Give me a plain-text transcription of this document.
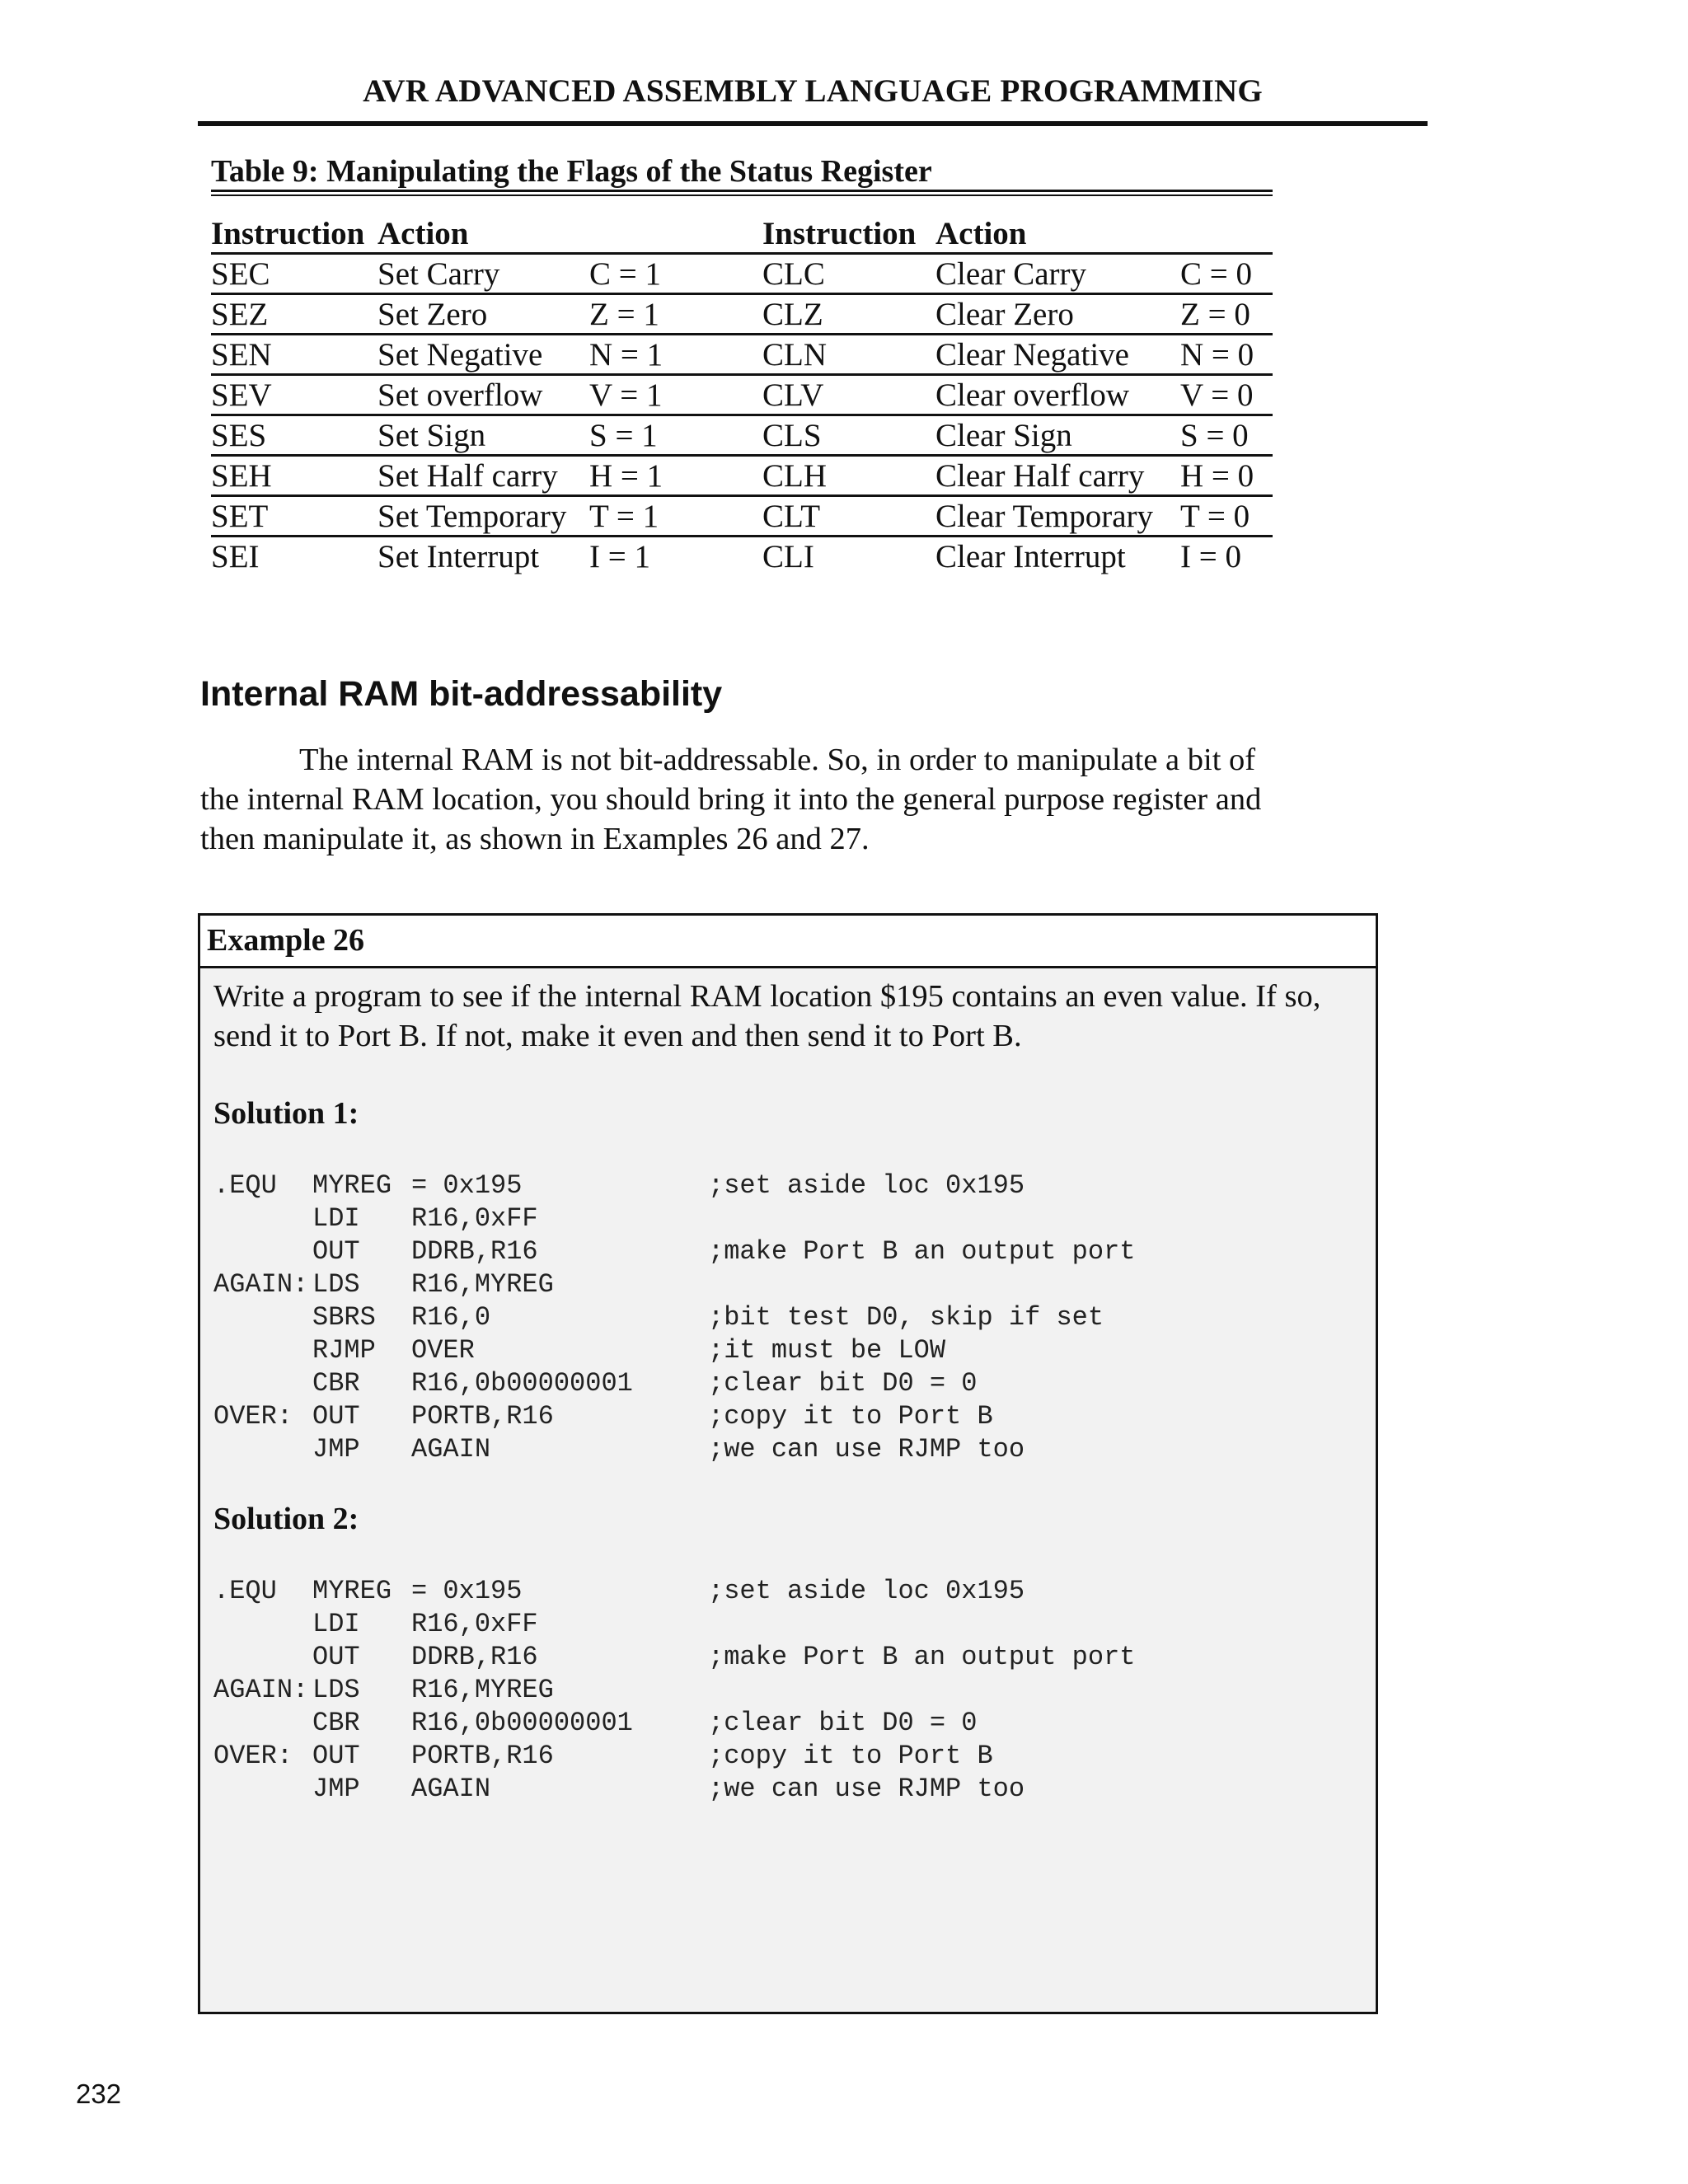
AVR ADVANCED ASSEMBLY LANGUAGE PROGRAMMING
Table 9: Manipulating the Flags of the Status Register
Instruction	Action		Instruction	Action	
SEC	Set Carry	C = 1	CLC	Clear Carry	C = 0
SEZ	Set Zero	Z = 1	CLZ	Clear Zero	Z = 0
SEN	Set Negative	N = 1	CLN	Clear Negative	N = 0
SEV	Set overflow	V = 1	CLV	Clear overflow	V = 0
SES	Set Sign	S = 1	CLS	Clear Sign	S = 0
SEH	Set Half carry	H = 1	CLH	Clear Half carry	H = 0
SET	Set Temporary	T = 1	CLT	Clear Temporary	T = 0
SEI	Set Interrupt	I = 1	CLI	Clear Interrupt	I = 0
Internal RAM bit-addressability

The internal RAM is not bit-addressable. So, in order to manipulate a bit of the internal RAM location, you should bring it into the general purpose register and then manipulate it, as shown in Examples 26 and 27.

Example 26

Write a program to see if the internal RAM location $195 contains an even value. If so, send it to Port B. If not, make it even and then send it to Port B.

Solution 1:
.EQU MYREG = 0x195	;set aside loc 0x195
LDI R16,0xFF
OUT DDRB,R16	;make Port B an output port
AGAIN: LDS R16,MYREG
SBRS R16,0	;bit test D0, skip if set
RJMP OVER	;it must be LOW
CBR R16,0b00000001	;clear bit D0 = 0
OVER: OUT PORTB,R16	;copy it to Port B
JMP AGAIN	;we can use RJMP too
Solution 2:
.EQU MYREG = 0x195	;set aside loc 0x195
LDI R16,0xFF
OUT DDRB,R16	;make Port B an output port
AGAIN: LDS R16,MYREG
CBR R16,0b00000001	;clear bit D0 = 0
OVER: OUT PORTB,R16	;copy it to Port B
JMP AGAIN	;we can use RJMP too
232
